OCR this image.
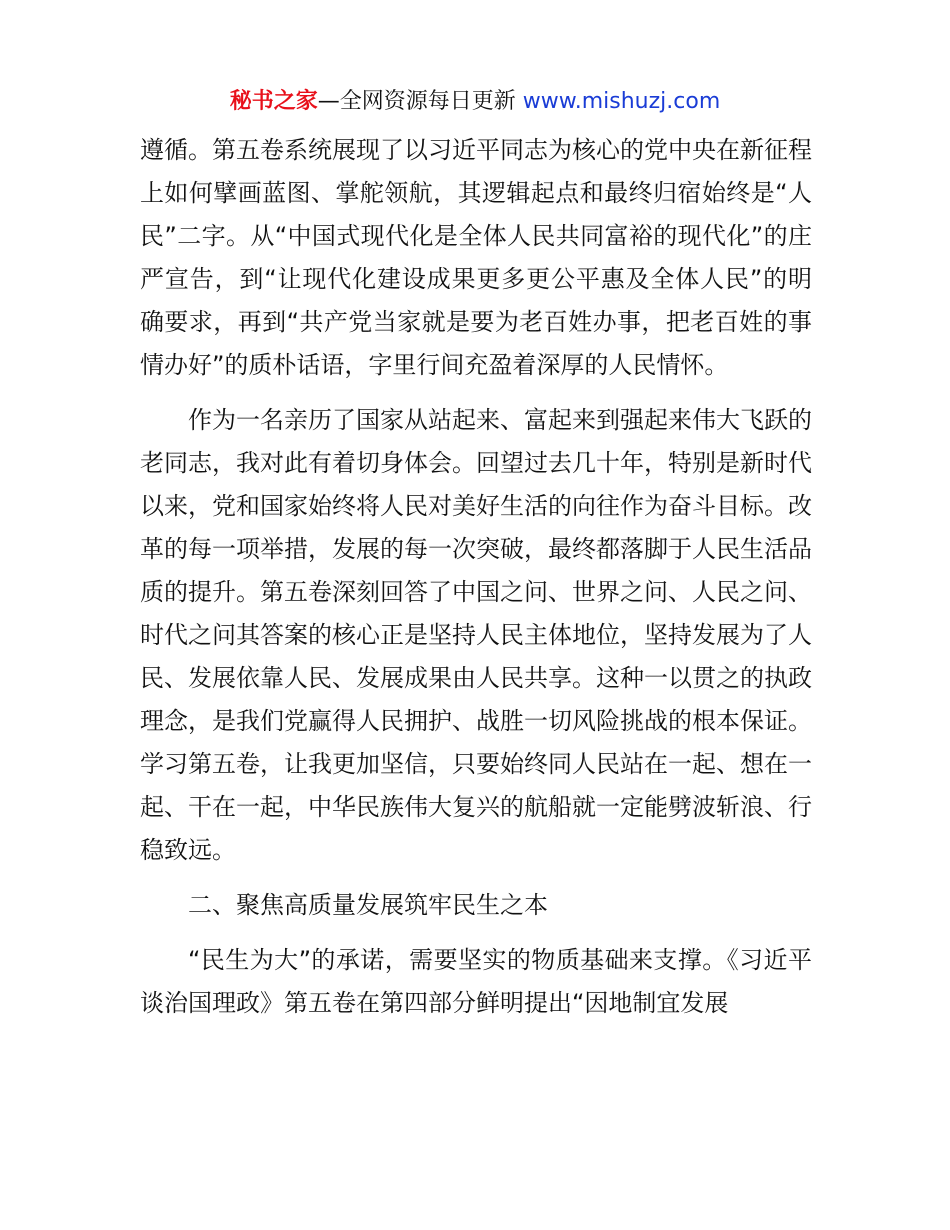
秘书之家—全网资源每日更新 www.mishuzj.com

遵循。第五卷系统展现了以习近平同志为核心的党中央在新征程上如何擘画蓝图、掌舵领航，其逻辑起点和最终归宿始终是“人民”二字。从“中国式现代化是全体人民共同富裕的现代化”的庄严宣告，到“让现代化建设成果更多更公平惠及全体人民”的明确要求，再到“共产党当家就是要为老百姓办事，把老百姓的事情办好”的质朴话语，字里行间充盈着深厚的人民情怀。

作为一名亲历了国家从站起来、富起来到强起来伟大飞跃的老同志，我对此有着切身体会。回望过去几十年，特别是新时代以来，党和国家始终将人民对美好生活的向往作为奋斗目标。改革的每一项举措，发展的每一次突破，最终都落脚于人民生活品质的提升。第五卷深刻回答了中国之问、世界之问、人民之问、时代之问其答案的核心正是坚持人民主体地位，坚持发展为了人民、发展依靠人民、发展成果由人民共享。这种一以贯之的执政理念，是我们党赢得人民拥护、战胜一切风险挑战的根本保证。学习第五卷，让我更加坚信，只要始终同人民站在一起、想在一起、干在一起，中华民族伟大复兴的航船就一定能劈波斩浪、行稳致远。

二、聚焦高质量发展筑牢民生之本

“民生为大”的承诺，需要坚实的物质基础来支撑。《习近平谈治国理政》第五卷在第四部分鲜明提出“因地制宜发展
